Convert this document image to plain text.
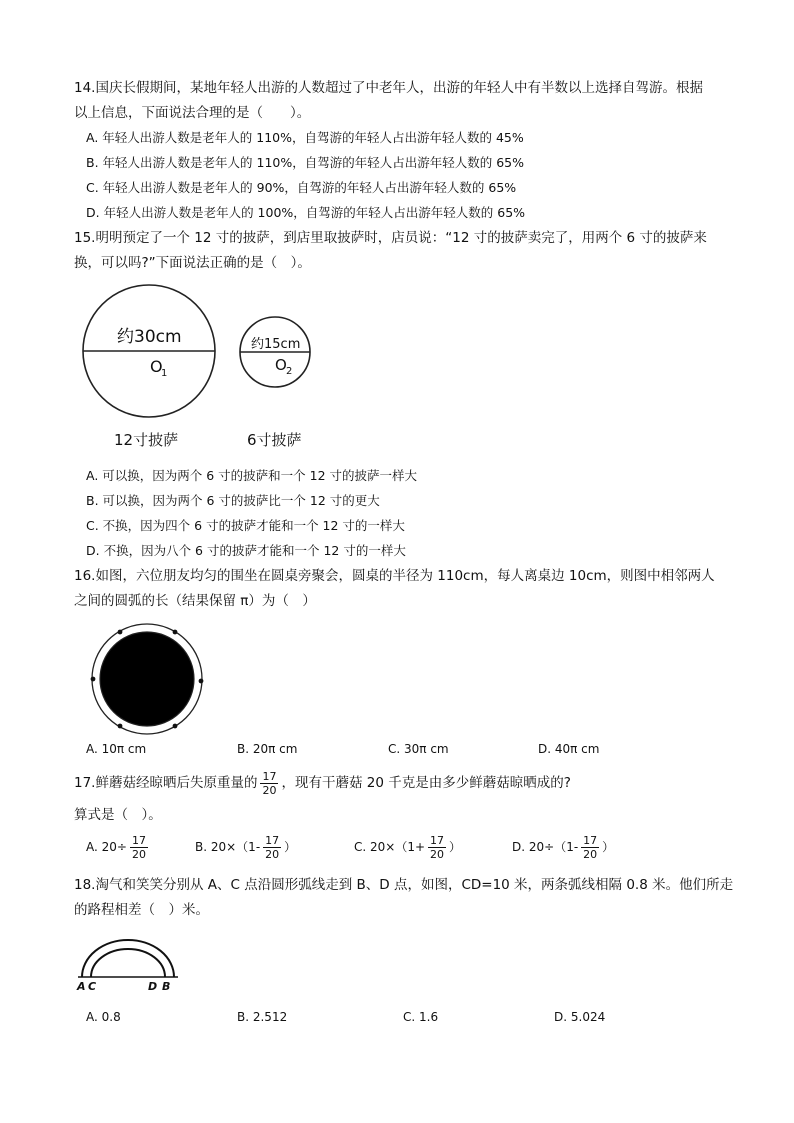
14.国庆长假期间，某地年轻人出游的人数超过了中老年人，出游的年轻人中有半数以上选择自驾游。根据
以上信息，下面说法合理的是（　　）。
A. 年轻人出游人数是老年人的 110%，自驾游的年轻人占出游年轻人数的 45%
B. 年轻人出游人数是老年人的 110%，自驾游的年轻人占出游年轻人数的 65%
C. 年轻人出游人数是老年人的 90%，自驾游的年轻人占出游年轻人数的 65%
D. 年轻人出游人数是老年人的 100%，自驾游的年轻人占出游年轻人数的 65%
15.明明预定了一个 12 寸的披萨，到店里取披萨时，店员说：“12 寸的披萨卖完了，用两个 6 寸的披萨来
换，可以吗?”下面说法正确的是（　）。
约30cm
O
1
约15cm
O 2
12寸披萨	6寸披萨
A. 可以换，因为两个 6 寸的披萨和一个 12 寸的披萨一样大
B. 可以换，因为两个 6 寸的披萨比一个 12 寸的更大
C. 不换，因为四个 6 寸的披萨才能和一个 12 寸的一样大
D. 不换，因为八个 6 寸的披萨才能和一个 12 寸的一样大
16.如图，六位朋友均匀的围坐在圆桌旁聚会，圆桌的半径为 110cm，每人离桌边 10cm，则图中相邻两人
之间的圆弧的长（结果保留 π）为（　）
A. 10π cm	B. 20π cm	C. 30π cm	D. 40π cm
17.鲜蘑菇经晾晒后失原重量的 $\frac{17}{20}$ ，现有干蘑菇 20 千克是由多少鲜蘑菇晾晒成的?
算式是（　）。
A. $20\div \frac{17}{20}$	B. $20\times(1- \frac{17}{20}$ ）	C. $20\times(1+ \frac{17}{20}$ ）	D. $20\div(1- \frac{17}{20}$ ）
18.淘气和笑笑分别从 A、C 点沿圆形弧线走到 B、D 点，如图，CD=10 米，两条弧线相隔 0.8 米。他们所走
的路程相差（　）米。
A C	D B
A. 0.8	B. 2.512	C. 1.6	D. 5.024
